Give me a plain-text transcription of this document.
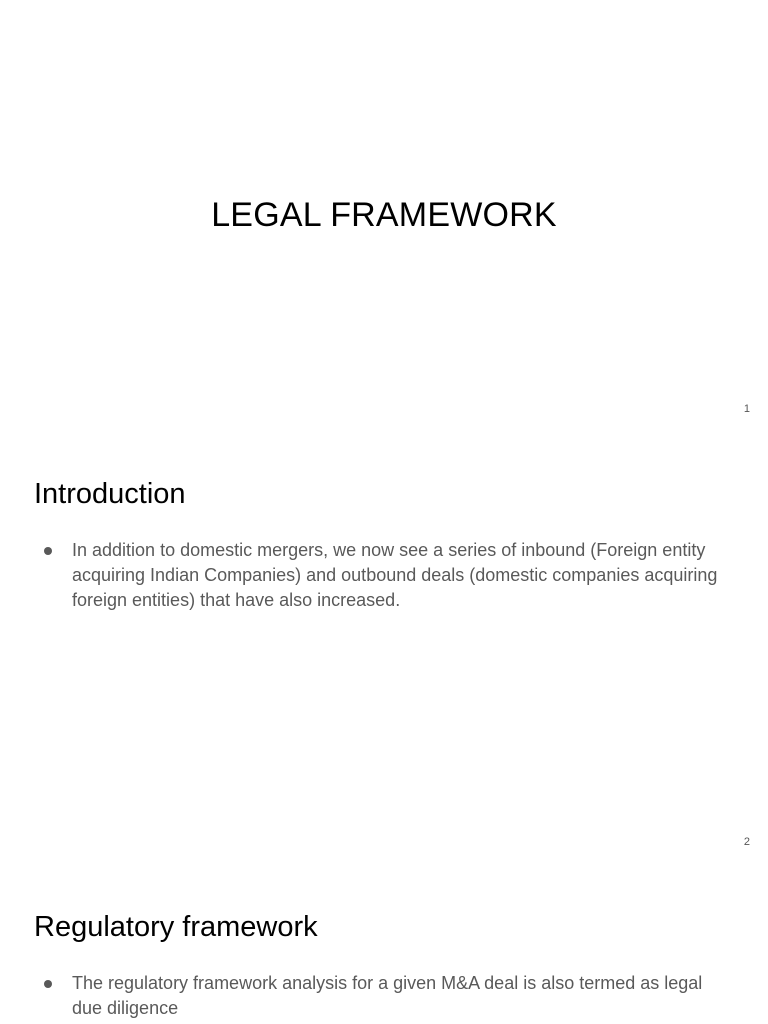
LEGAL FRAMEWORK
1
Introduction
In addition to domestic mergers, we now see a series of inbound (Foreign entity acquiring Indian Companies) and outbound deals (domestic companies acquiring foreign entities) that have also increased.
2
Regulatory framework
The regulatory framework analysis for a given M&A deal is also termed as legal due diligence
